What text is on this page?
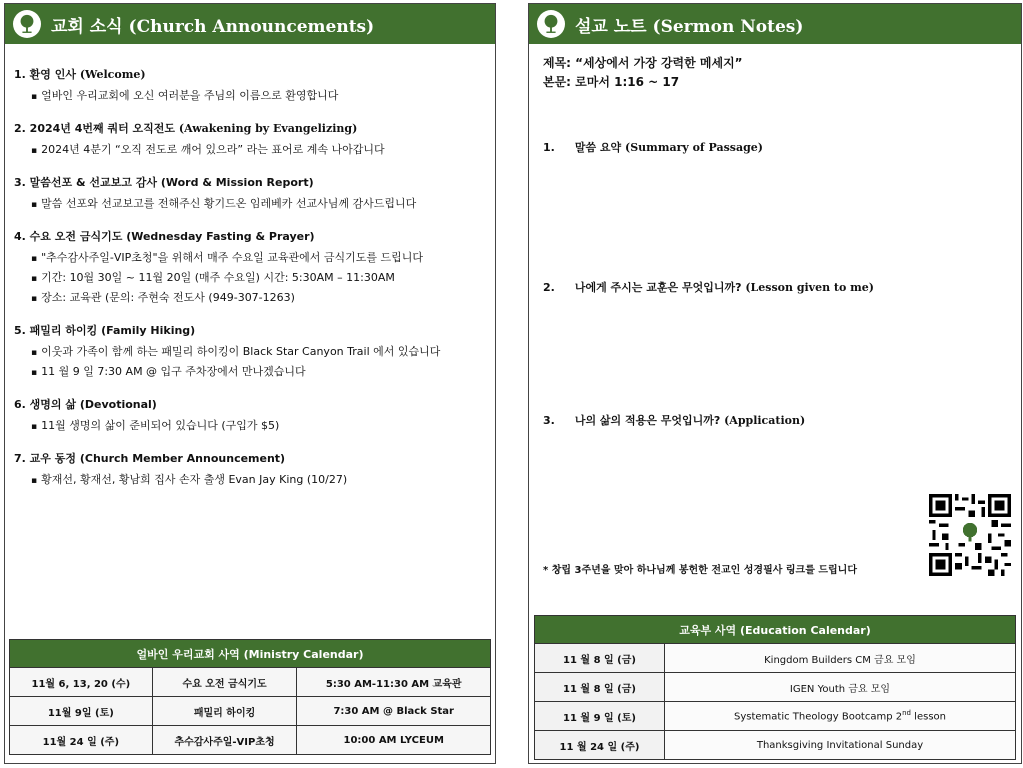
교회 소식 (Church Announcements)
1. 환영 인사 (Welcome)
▪ 얼바인 우리교회에 오신 여러분을 주님의 이름으로 환영합니다
2. 2024년 4번째 쿼터 오직전도 (Awakening by Evangelizing)
▪ 2024년 4분기 “오직 전도로 깨어 있으라” 라는 표어로 계속 나아갑니다
3. 말씀선포 & 선교보고 감사 (Word & Mission Report)
▪ 말씀 선포와 선교보고를 전해주신 황기드온 임레베카 선교사님께 감사드립니다
4. 수요 오전 금식기도 (Wednesday Fasting & Prayer)
▪ "추수감사주일-VIP초청"을 위해서 매주 수요일 교육관에서 금식기도를 드립니다
▪ 기간: 10월 30일 ~ 11월 20일 (매주 수요일) 시간: 5:30AM – 11:30AM
▪ 장소: 교육관 (문의: 주현숙 전도사 (949-307-1263)
5. 패밀리 하이킹 (Family Hiking)
▪ 이웃과 가족이 함께 하는 패밀리 하이킹이 Black Star Canyon Trail 에서 있습니다
▪ 11 월 9 일 7:30 AM @ 입구 주차장에서 만나겠습니다
6. 생명의 삶 (Devotional)
▪ 11월 생명의 삶이 준비되어 있습니다 (구입가 $5)
7. 교우 동정 (Church Member Announcement)
▪ 황재선, 황재선, 황남희 집사 손자 출생 Evan Jay King (10/27)
얼바인 우리교회 사역 (Ministry Calendar)		
11월 6, 13, 20 (수)	수요 오전 금식기도	5:30 AM-11:30 AM 교육관
11월 9일 (토)	패밀리 하이킹	7:30 AM @ Black Star
11월 24 일 (주)	추수감사주일-VIP초청	10:00 AM LYCEUM
설교 노트 (Sermon Notes)
제목: “세상에서 가장 강력한 메세지”
본문: 로마서 1:16 ~ 17
1. 말씀 요약 (Summary of Passage)
2. 나에게 주시는 교훈은 무엇입니까? (Lesson given to me)
3. 나의 삶의 적용은 무엇입니까? (Application)
* 창립 3주년을 맞아 하나님께 봉헌한 전교인 성경필사 링크를 드립니다
교육부 사역 (Education Calendar)	
11 월 8 일 (금)	Kingdom Builders CM 금요 모임
11 월 8 일 (금)	IGEN Youth 금요 모임
11 월 9 일 (토)	Systematic Theology Bootcamp 2nd lesson
11 월 24 일 (주)	Thanksgiving Invitational Sunday
